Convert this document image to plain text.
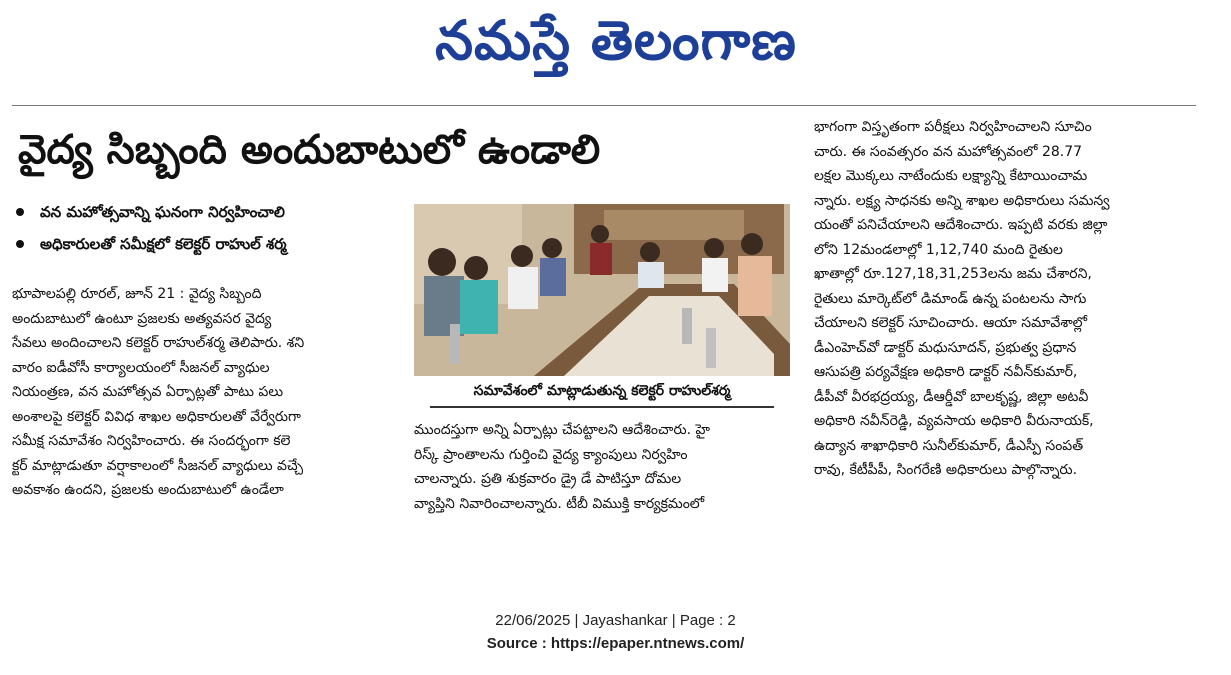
నమస్తే తెలంగాణ
వైద్య సిబ్బంది అందుబాటులో ఉండాలి
వన మహోత్సవాన్ని ఘనంగా నిర్వహించాలి
అధికారులతో సమీక్షలో కలెక్టర్ రాహుల్ శర్మ

భూపాలపల్లి రూరల్, జూన్ 21 : వైద్య సిబ్బంది

అందుబాటులో ఉంటూ ప్రజలకు అత్యవసర వైద్య

సేవలు అందించాలని కలెక్టర్ రాహుల్‌శర్మ తెలిపారు. శని

వారం ఐడీవోసీ కార్యాలయంలో సీజనల్ వ్యాధుల

నియంత్రణ, వన మహోత్సవ ఏర్పాట్లతో పాటు పలు

అంశాలపై కలెక్టర్ వివిధ శాఖల అధికారులతో వేర్వేరుగా

సమీక్ష సమావేశం నిర్వహించారు. ఈ సందర్భంగా కలె

క్టర్ మాట్లాడుతూ వర్షాకాలంలో సీజనల్ వ్యాధులు వచ్చే

అవకాశం ఉందని, ప్రజలకు అందుబాటులో ఉండేలా

సమావేశంలో మాట్లాడుతున్న కలెక్టర్ రాహుల్‌శర్మ

ముందస్తుగా అన్ని ఏర్పాట్లు చేపట్టాలని ఆదేశించారు. హై

రిస్క్ ప్రాంతాలను గుర్తించి వైద్య క్యాంపులు నిర్వహిం

చాలన్నారు. ప్రతి శుక్రవారం డ్రై డే పాటిస్తూ దోమల

వ్యాప్తిని నివారించాలన్నారు. టీబీ విముక్తి కార్యక్రమంలో

భాగంగా విస్తృతంగా పరీక్షలు నిర్వహించాలని సూచిం

చారు. ఈ సంవత్సరం వన మహోత్సవంలో 28.77

లక్షల మొక్కలు నాటేందుకు లక్ష్యాన్ని కేటాయించామ

న్నారు. లక్ష్య సాధనకు అన్ని శాఖల అధికారులు సమన్వ

యంతో పనిచేయాలని ఆదేశించారు. ఇప్పటి వరకు జిల్లా

లోని 12మండలాల్లో 1,12,740 మంది రైతుల

ఖాతాల్లో రూ.127,18,31,253లను జమ చేశారని,

రైతులు మార్కెట్‌లో డిమాండ్ ఉన్న పంటలను సాగు

చేయాలని కలెక్టర్ సూచించారు. ఆయా సమావేశాల్లో

డీఎంహెచ్‌వో డాక్టర్ మధుసూదన్, ప్రభుత్వ ప్రధాన

ఆసుపత్రి పర్యవేక్షణ అధికారి డాక్టర్ నవీన్‌కుమార్,

డీపీవో వీరభద్రయ్య, డీఆర్డీవో బాలకృష్ణ, జిల్లా అటవీ

అధికారి నవీన్‌రెడ్డి, వ్యవసాయ అధికారి వీరునాయక్,

ఉద్యాన శాఖాధికారి సునీల్‌కుమార్, డీఎస్పీ సంపత్

రావు, కేటీపీపీ, సింగరేణి అధికారులు పాల్గొన్నారు.

22/06/2025 | Jayashankar | Page : 2
Source : https://epaper.ntnews.com/
